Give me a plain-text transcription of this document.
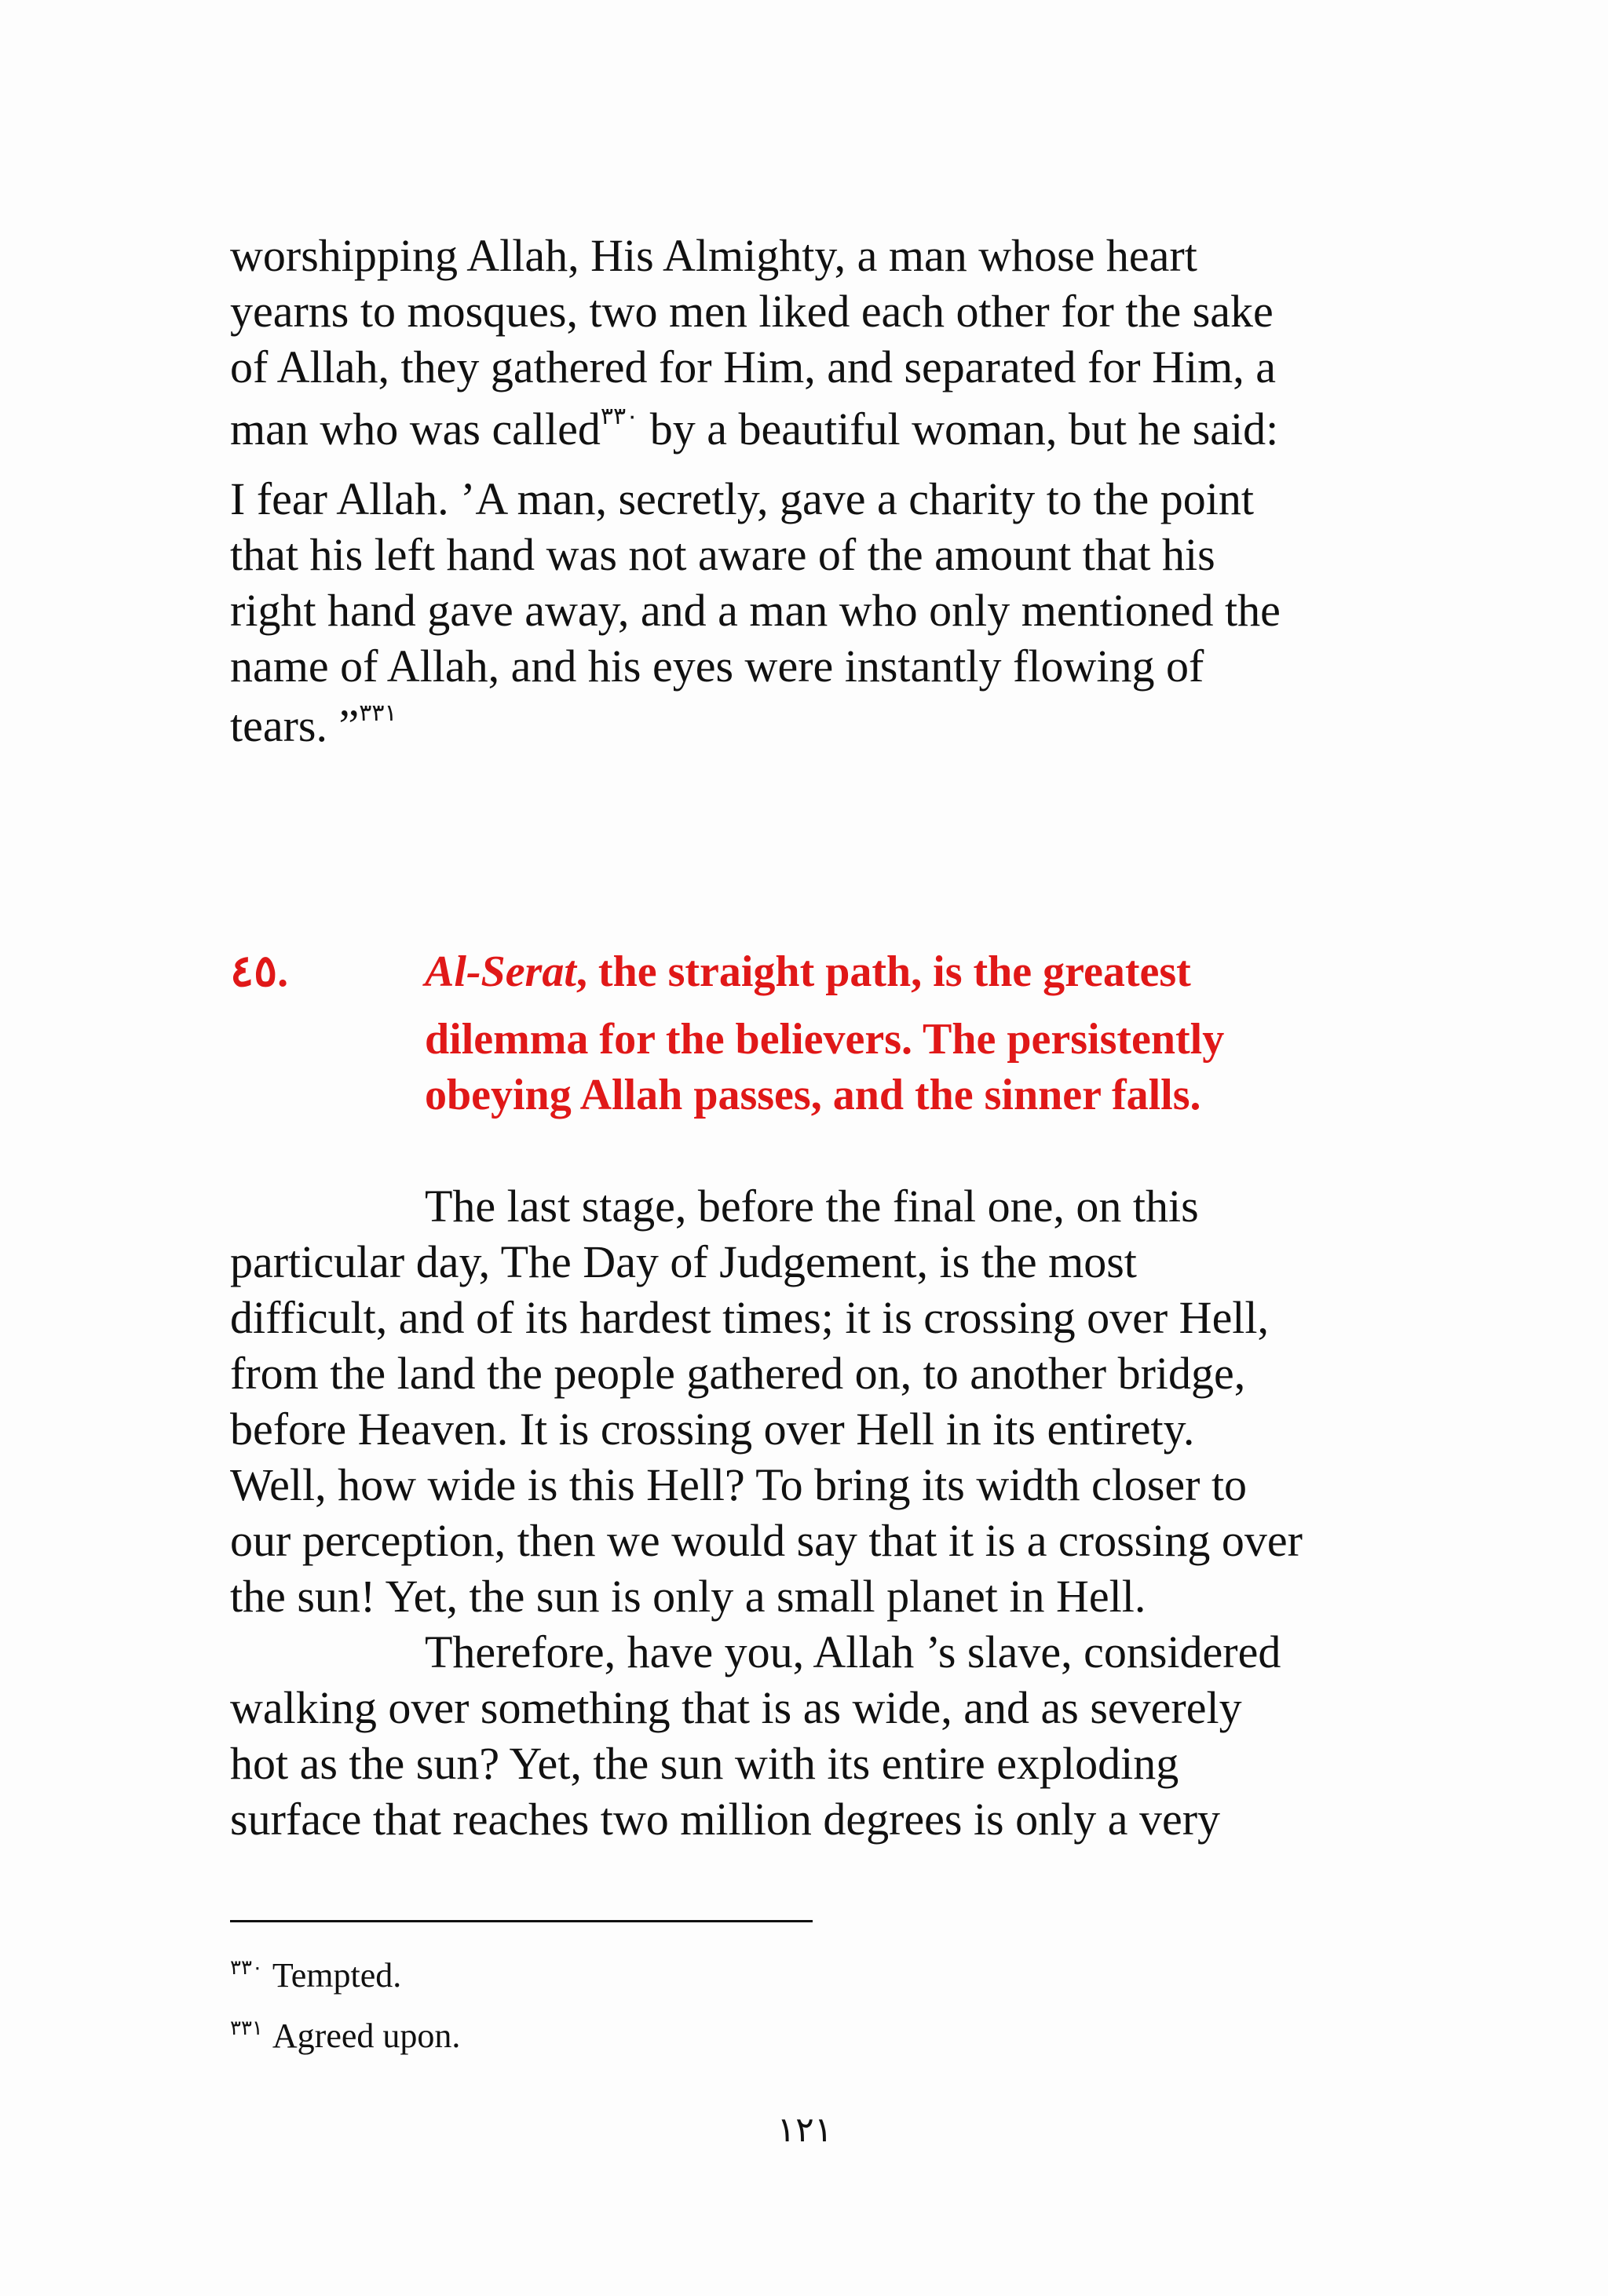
worshipping Allah, His Almighty, a man whose heart

yearns to mosques, two men liked each other for the sake

of Allah, they gathered for Him, and separated for Him, a

man who was called$^{٣٣٠}$ by a beautiful woman, but he said:

I fear Allah. ’A man, secretly, gave a charity to the point

that his left hand was not aware of the amount that his

right hand gave away, and a man who only mentioned the

name of Allah, and his eyes were instantly flowing of

tears. ”$^{٣٣١}$

٤٥.	Al-Serat, the straight path, is the greatest

dilemma for the believers. The persistently

obeying Allah passes, and the sinner falls.

The last stage, before the final one, on this

particular day, The Day of Judgement, is the most

difficult, and of its hardest times; it is crossing over Hell,

from the land the people gathered on, to another bridge,

before Heaven. It is crossing over Hell in its entirety.

Well, how wide is this Hell? To bring its width closer to

our perception, then we would say that it is a crossing over

the sun! Yet, the sun is only a small planet in Hell.

Therefore, have you, Allah ’s slave, considered

walking over something that is as wide, and as severely

hot as the sun? Yet, the sun with its entire exploding

surface that reaches two million degrees is only a very

$^{٣٣٠}$ Tempted.

$^{٣٣١}$ Agreed upon.

١٢١
